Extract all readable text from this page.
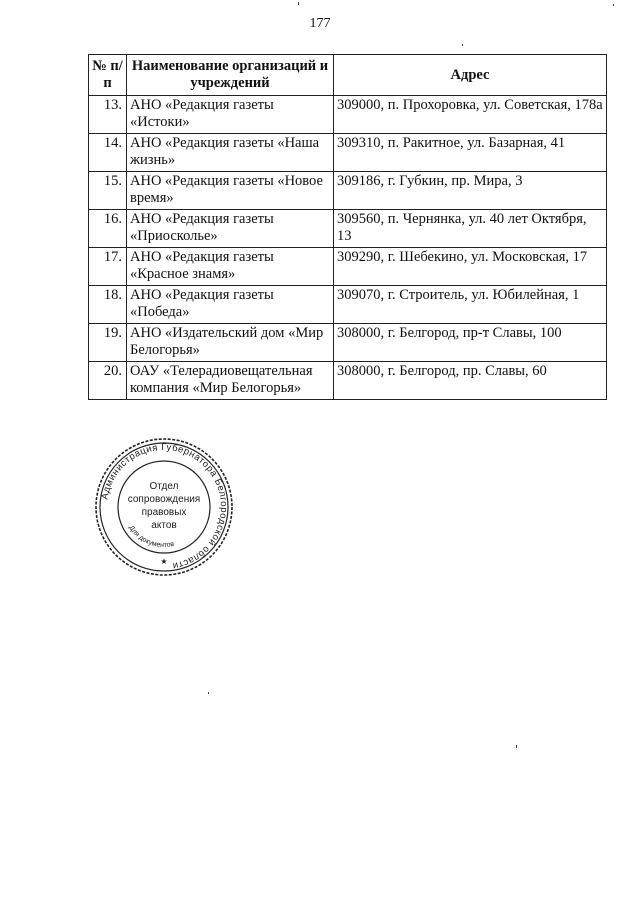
177
№ п/п	Наименование организаций и учреждений	Адрес
13.	АНО «Редакция газеты «Истоки»	309000, п. Прохоровка, ул. Советская, 178а
14.	АНО «Редакция газеты «Наша жизнь»	309310, п. Ракитное, ул. Базарная, 41
15.	АНО «Редакция газеты «Новое время»	309186, г. Губкин, пр. Мира, 3
16.	АНО «Редакция газеты «Приосколье»	309560, п. Чернянка, ул. 40 лет Октября, 13
17.	АНО «Редакция газеты «Красное знамя»	309290, г. Шебекино, ул. Московская, 17
18.	АНО «Редакция газеты «Победа»	309070, г. Строитель, ул. Юбилейная, 1
19.	АНО «Издательский дом «Мир Белогорья»	308000, г. Белгород, пр-т Славы, 100
20.	ОАУ «Телерадиовещательная компания «Мир Белогорья»	308000, г. Белгород, пр. Славы, 60
Администрация Губернатора Белгородской области
Для документов
Отдел
сопровождения
правовых
актов
★
